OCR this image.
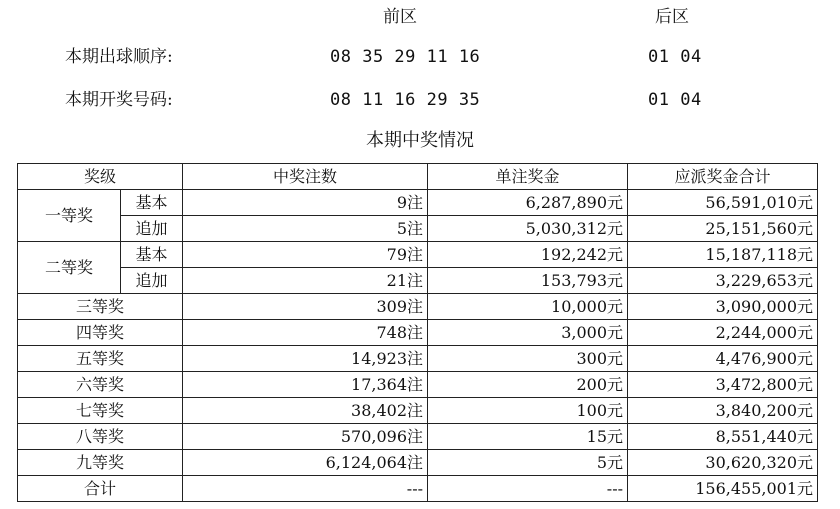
前区	后区
本期出球顺序:	08 35 29 11 16	01 04
本期开奖号码:	08 11 16 29 35	01 04
本期中奖情况
奖级		中奖注数	单注奖金	应派奖金合计
一等奖	基本	9注	6,287,890元	56,591,010元
	追加	5注	5,030,312元	25,151,560元
二等奖	基本	79注	192,242元	15,187,118元
	追加	21注	153,793元	3,229,653元
三等奖		309注	10,000元	3,090,000元
四等奖		748注	3,000元	2,244,000元
五等奖		14,923注	300元	4,476,900元
六等奖		17,364注	200元	3,472,800元
七等奖		38,402注	100元	3,840,200元
八等奖		570,096注	15元	8,551,440元
九等奖		6,124,064注	5元	30,620,320元
合计		---	---	156,455,001元
